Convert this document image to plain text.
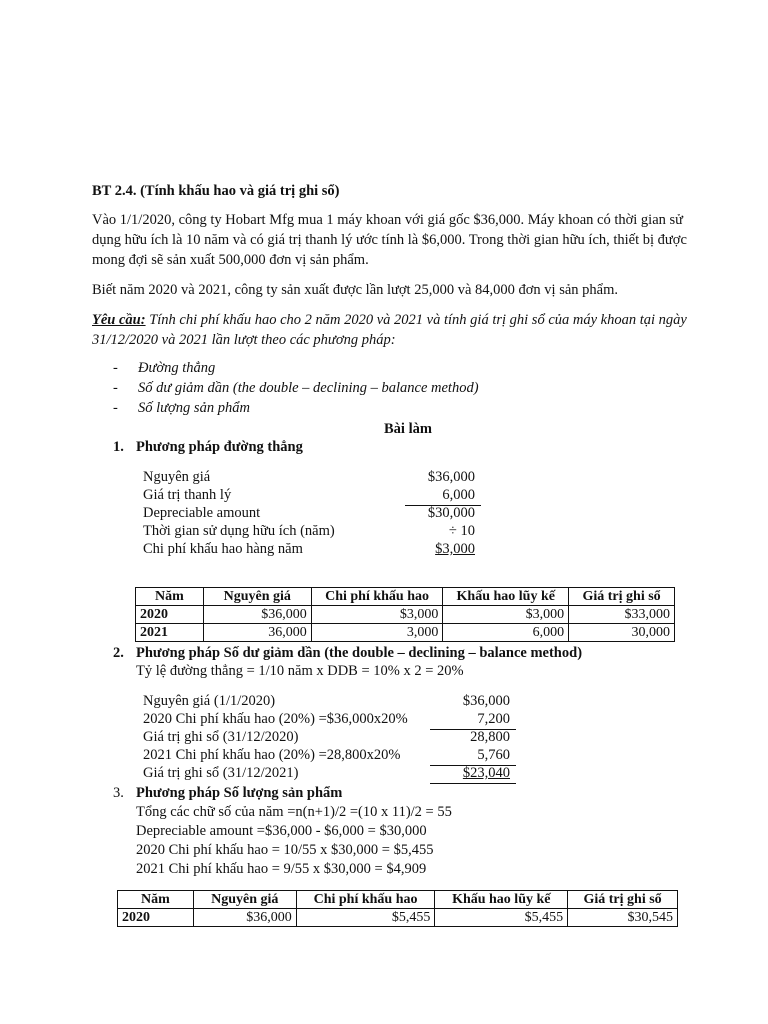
BT 2.4. (Tính khấu hao và giá trị ghi sổ)
Vào 1/1/2020, công ty Hobart Mfg mua 1 máy khoan với giá gốc $36,000. Máy khoan có thời gian sử dụng hữu ích là 10 năm và có giá trị thanh lý ước tính là $6,000. Trong thời gian hữu ích, thiết bị được mong đợi sẽ sản xuất 500,000 đơn vị sản phẩm.
Biết năm 2020 và 2021, công ty sản xuất được lần lượt 25,000 và 84,000 đơn vị sản phẩm.
Yêu cầu: Tính chi phí khấu hao cho 2 năm 2020 và 2021 và tính giá trị ghi sổ của máy khoan tại ngày 31/12/2020 và 2021 lần lượt theo các phương pháp:
- Đường thẳng
- Số dư giảm dần (the double – declining – balance method)
- Số lượng sản phẩm
Bài làm
1. Phương pháp đường thẳng
Nguyên giá	$36,000
Giá trị thanh lý	6,000
Depreciable amount	$30,000
Thời gian sử dụng hữu ích (năm)	÷ 10
Chi phí khấu hao hàng năm	$3,000
Năm	Nguyên giá	Chi phí khấu hao	Khấu hao lũy kế	Giá trị ghi sổ
2020	$36,000	$3,000	$3,000	$33,000
2021	36,000	3,000	6,000	30,000
2. Phương pháp Số dư giảm dần (the double – declining – balance method)
Tỷ lệ đường thẳng = 1/10 năm x DDB = 10% x 2 = 20%
Nguyên giá (1/1/2020)	$36,000
2020 Chi phí khấu hao (20%) =$36,000x20%	7,200
Giá trị ghi sổ (31/12/2020)	28,800
2021 Chi phí khấu hao (20%) =28,800x20%	5,760
Giá trị ghi sổ (31/12/2021)	$23,040
3. Phương pháp Số lượng sản phẩm
Tổng các chữ số của năm =n(n+1)/2 =(10 x 11)/2 = 55
Depreciable amount =$36,000 - $6,000 = $30,000
2020 Chi phí khấu hao = 10/55 x $30,000 = $5,455
2021 Chi phí khấu hao = 9/55 x $30,000 = $4,909
Năm	Nguyên giá	Chi phí khấu hao	Khấu hao lũy kế	Giá trị ghi sổ
2020	$36,000	$5,455	$5,455	$30,545
